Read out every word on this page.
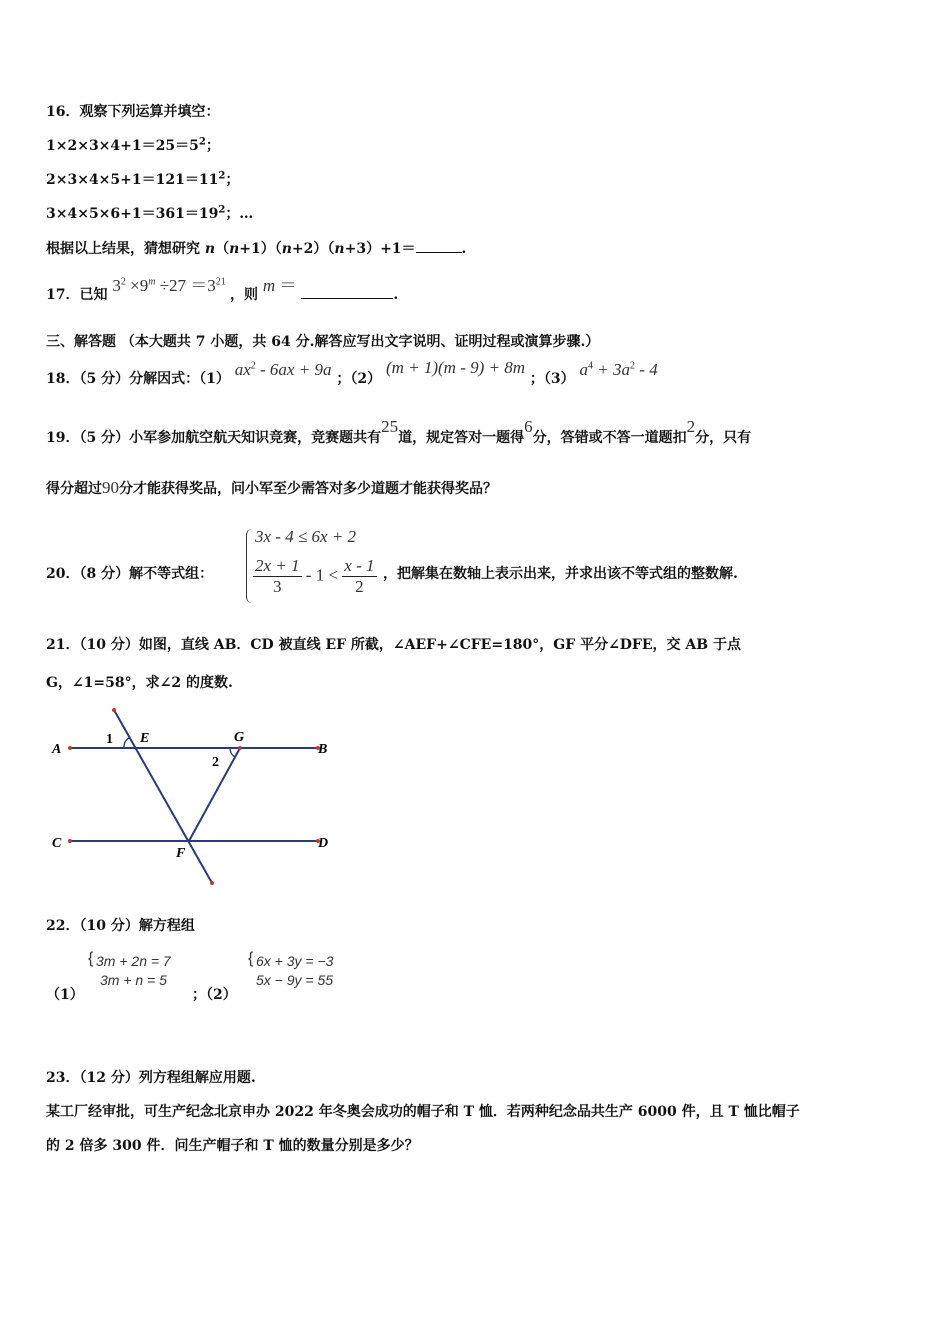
16．观察下列运算并填空：
$1\times 2\times 3\times 4+1=25=5^2$；
$2\times 3\times 4\times 5+1=121=11^2$；
$3\times 4\times 5\times 6+1=361=19^2$；…
根据以上结果，猜想研究 n（n+1）（n+2）（n+3）+1＝	.
17．已知 $3^2 \times 9^m \div 27 =3^{21}$ ，则 m ＝	.
三、解答题 （本大题共 7 小题，共 64 分.解答应写出文字说明、证明过程或演算步骤.）
18．（5 分）分解因式：（1） $ax^2 - 6ax + 9a$ ；（2） (m + 1)(m - 9) + 8m ；（3） $a^4 + 3a^2 - 4$
19．（5 分）小军参加航空航天知识竞赛，竞赛题共有25道，规定答对一题得6分，答错或不答一道题扣2分，只有
得分超过90分才能获得奖品，问小军至少需答对多少道题才能获得奖品？
20．（8 分）解不等式组：
3x - 4 ≤ 6x + 2
$\frac{2x + 1}{3} - 1 < \frac{x - 1}{2}$ ，把解集在数轴上表示出来，并求出该不等式组的整数解.
21．（10 分）如图，直线 AB．CD 被直线 EF 所截，∠AEF+∠CFE=180°，GF 平分∠DFE，交 AB 于点
G，∠1=58°，求∠2 的度数.
A	B
C	D
E
F
G
1
2
22．（10 分）解方程组
（1）
{ 3m + 2n = 7
3m + n = 5
；（2）
{ 6x + 3y = −3
5x − 9y = 55
23．（12 分）列方程组解应用题.
某工厂经审批，可生产纪念北京申办 2022 年冬奥会成功的帽子和 T 恤．若两种纪念品共生产 6000 件，且 T 恤比帽子
的 2 倍多 300 件．问生产帽子和 T 恤的数量分别是多少？
